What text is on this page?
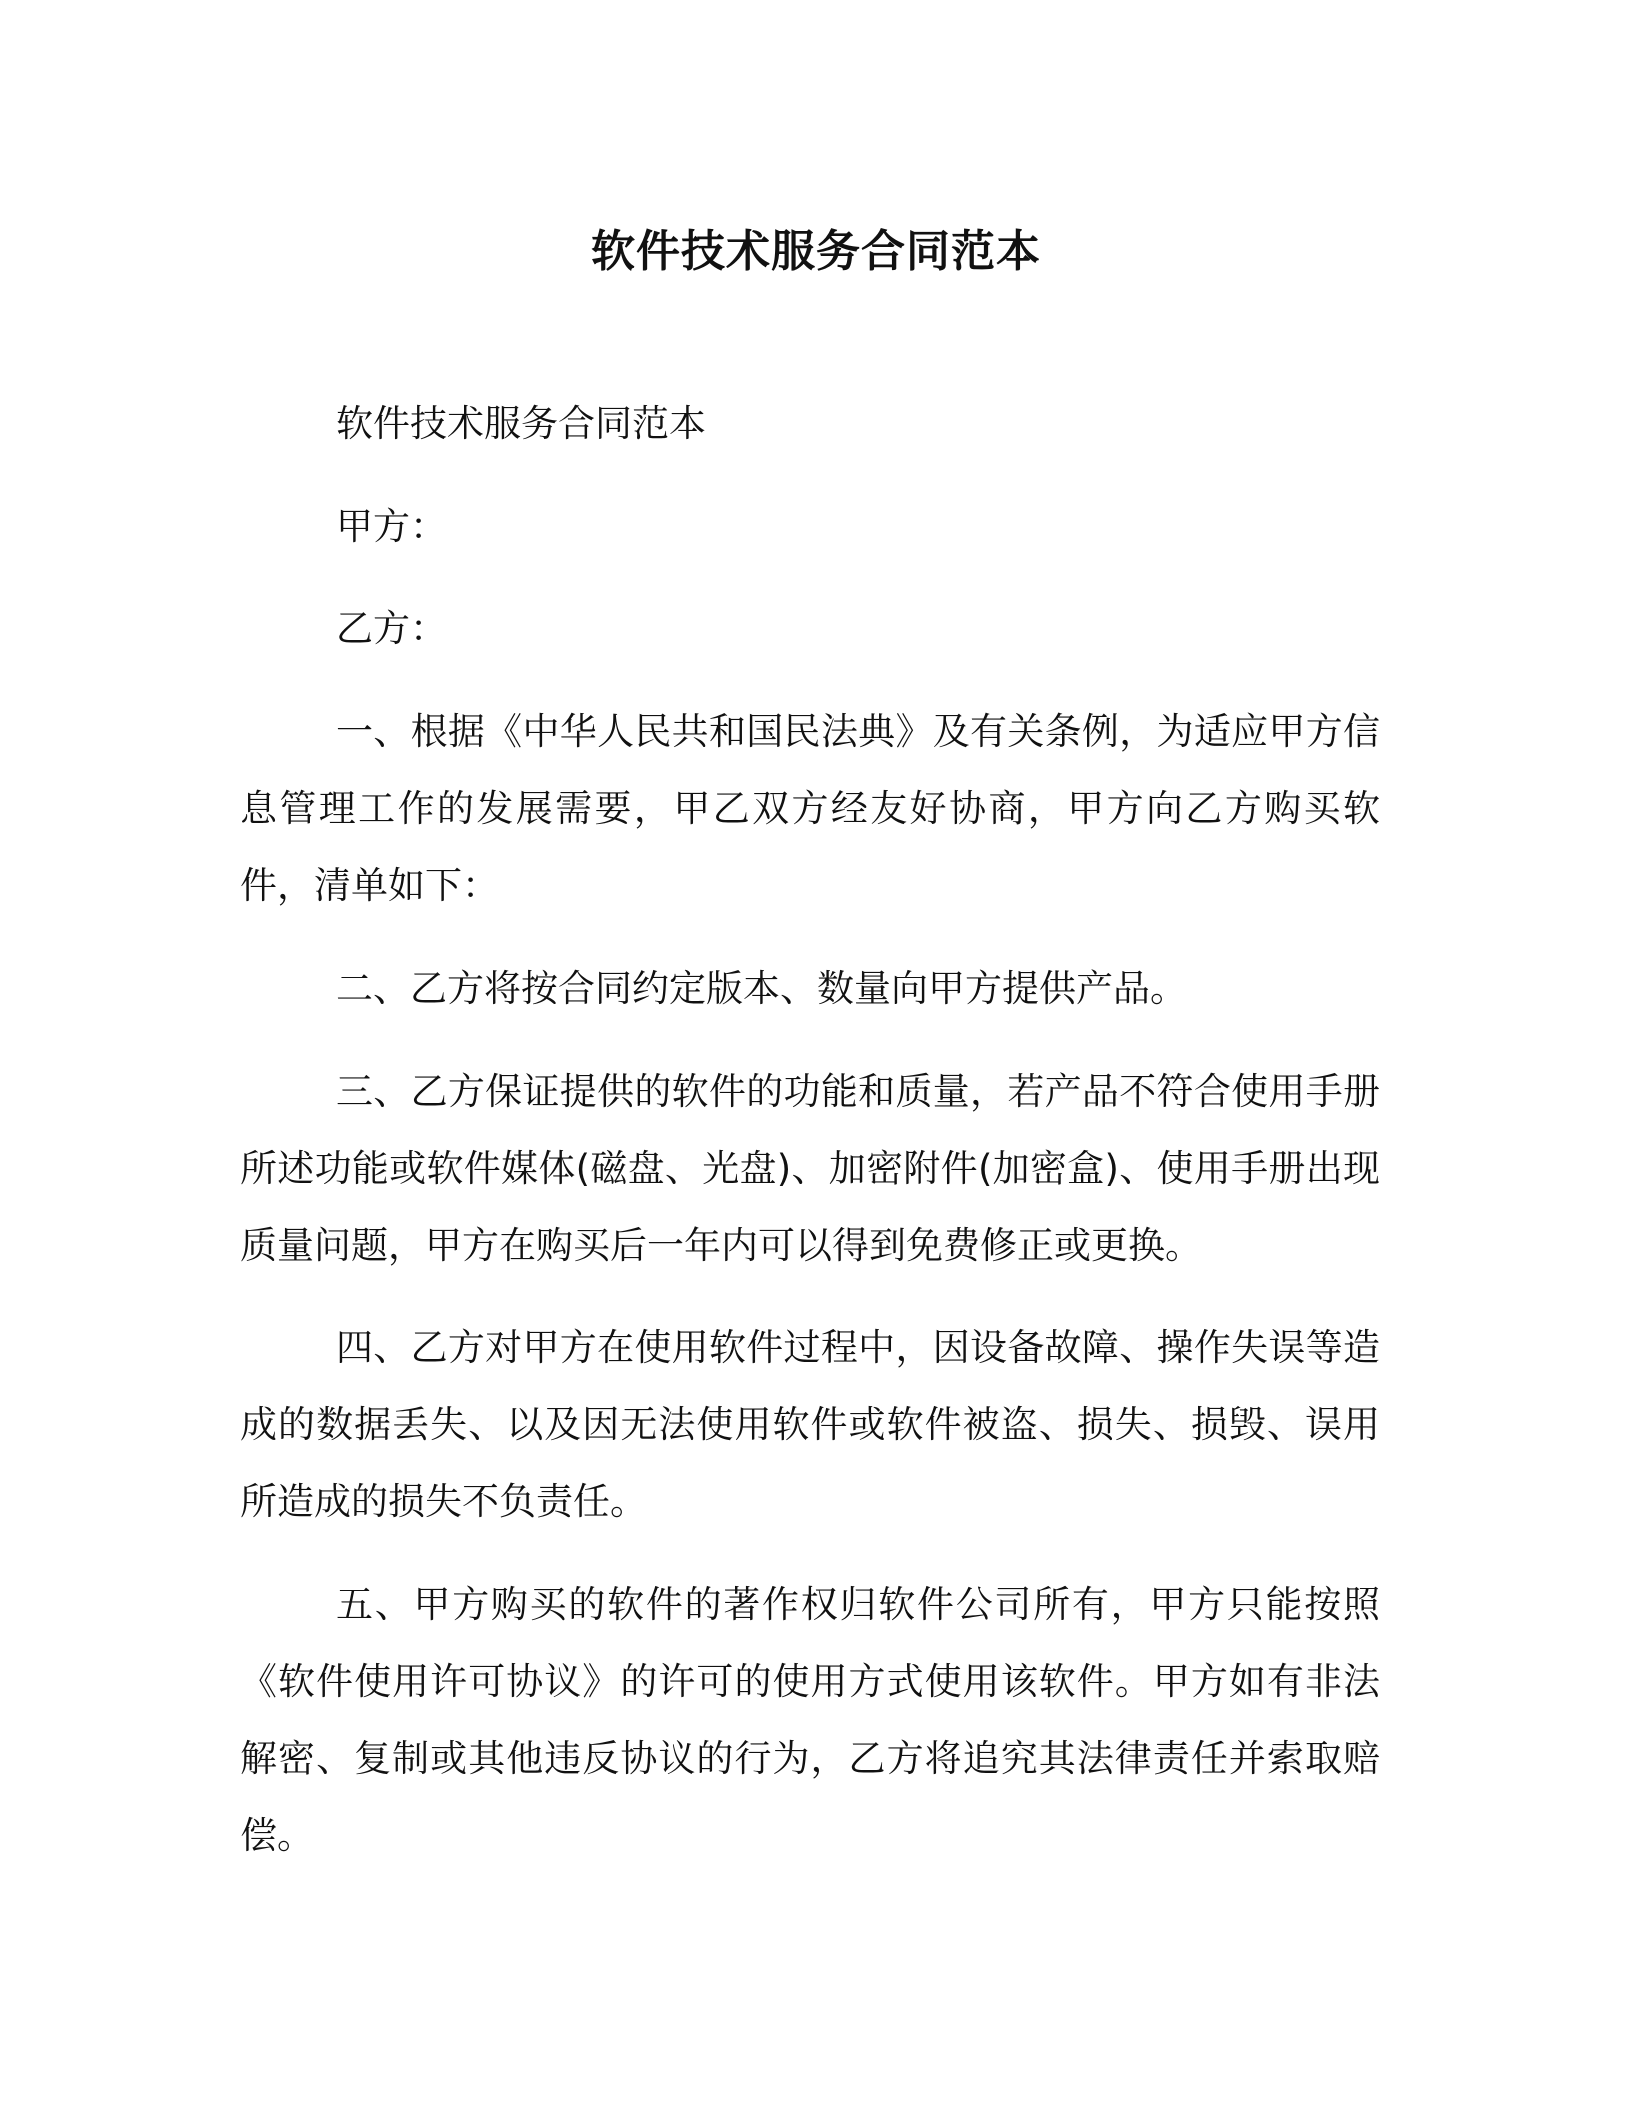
软件技术服务合同范本

软件技术服务合同范本

甲方：

乙方：

一、根据《中华人民共和国民法典》及有关条例，为适应甲方信息管理工作的发展需要，甲乙双方经友好协商，甲方向乙方购买软件，清单如下：

二、乙方将按合同约定版本、数量向甲方提供产品。

三、乙方保证提供的软件的功能和质量，若产品不符合使用手册所述功能或软件媒体(磁盘、光盘)、加密附件(加密盒)、使用手册出现质量问题，甲方在购买后一年内可以得到免费修正或更换。

四、乙方对甲方在使用软件过程中，因设备故障、操作失误等造成的数据丢失、以及因无法使用软件或软件被盗、损失、损毁、误用所造成的损失不负责任。

五、甲方购买的软件的著作权归软件公司所有，甲方只能按照《软件使用许可协议》的许可的使用方式使用该软件。甲方如有非法解密、复制或其他违反协议的行为，乙方将追究其法律责任并索取赔偿。
